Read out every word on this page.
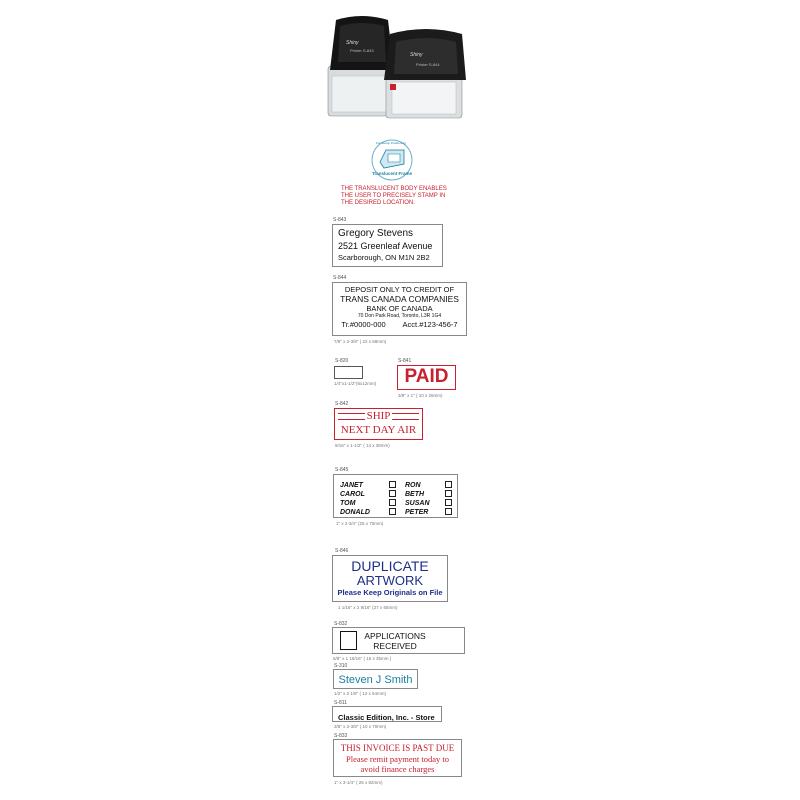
Shiny
Printer S-843
Shiny
Printer S-844
For Stamp Positioning
Translucent Frame
THE TRANSLUCENT BODY ENABLES
THE USER TO PRECISELY STAMP IN
THE DESIRED LOCATION.
S-843
Gregory Stevens
2521 Greenleaf Avenue
Scarborough, ON M1N 2B2
S-844
DEPOSIT ONLY TO CREDIT OF
TRANS CANADA COMPANIES
BANK OF CANADA
70 Don Park Road, Toronto, L3R 1G4
Tr.#0000-000 Acct.#123-456-7
7/8" x 2-3/8" ( 22 x 68mm)
S-820
1/4"x1-1/2"(6x12mm)
S-841
PAID
3/8" x 1" ( 10 x 26mm)
S-842
SHIP
NEXT DAY AIR
9/16" x 1-1/2" ( 14 x 38mm)
S-845
JANET
CAROL
TOM
DONALD
RON
BETH
SUSAN
PETER
1" x 2-3/4" (25 x 70mm)
S-846
DUPLICATE
ARTWORK
Please Keep Originals on File
1 1/16" x 2 9/16" (27 x 65mm)
S-832
APPLICATIONS
RECEIVED
5/8" x 1 15/16" ( 15 x 35mm )
S-310
Steven J Smith
1/2" x 2 1/8" ( 13 x 54mm)
S-811
Classic Edition, Inc. - Store
3/8" x 2-3/8" ( 10 x 70mm)
S-833
THIS INVOICE IS PAST DUE
Please remit payment today to
avoid finance charges
1" x 3-1/4" ( 25 x 82mm)
